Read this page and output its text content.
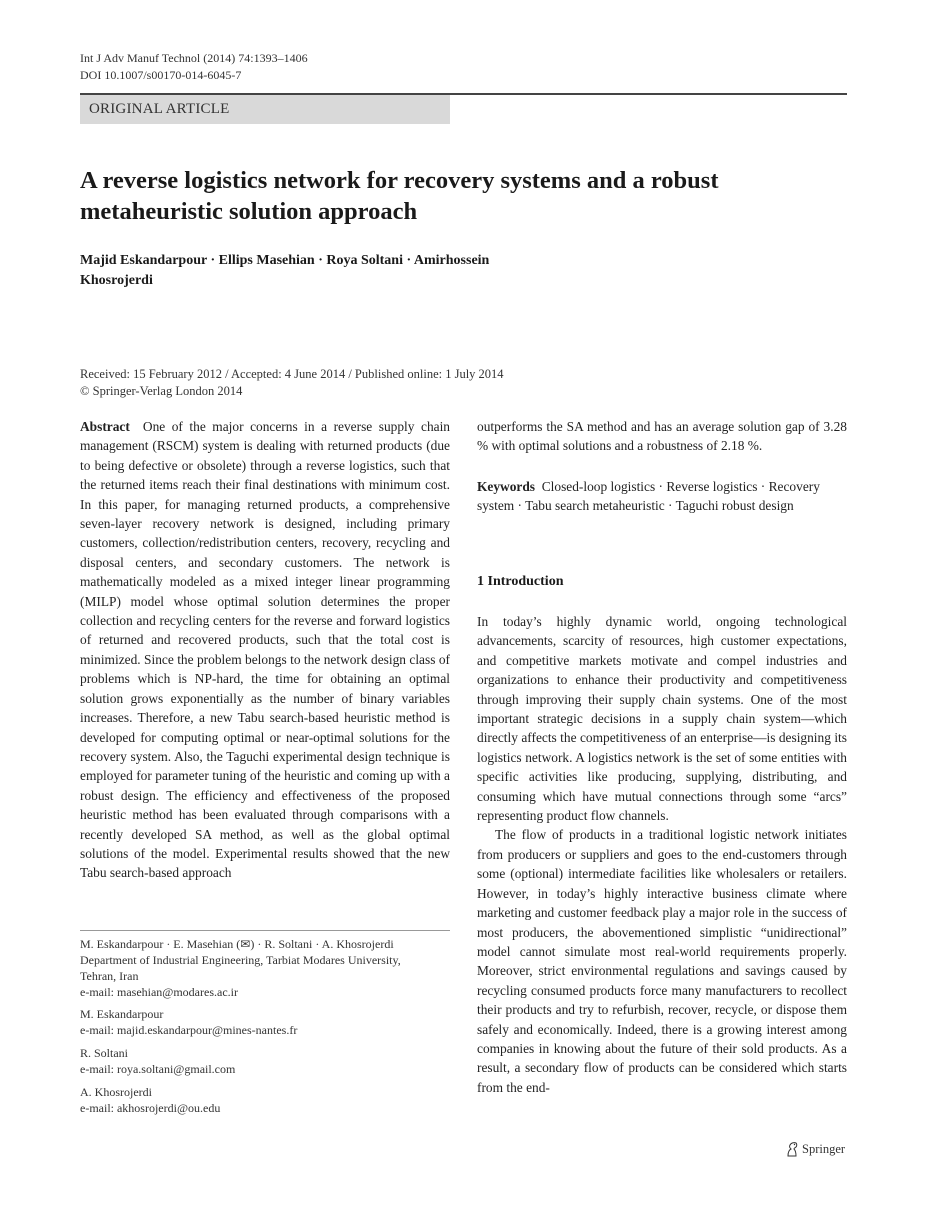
Int J Adv Manuf Technol (2014) 74:1393–1406
DOI 10.1007/s00170-014-6045-7
ORIGINAL ARTICLE
A reverse logistics network for recovery systems and a robust metaheuristic solution approach
Majid Eskandarpour · Ellips Masehian · Roya Soltani · Amirhossein Khosrojerdi
Received: 15 February 2012 / Accepted: 4 June 2014 / Published online: 1 July 2014
© Springer-Verlag London 2014

Abstract One of the major concerns in a reverse supply chain management (RSCM) system is dealing with returned products (due to being defective or obsolete) through a reverse logistics, such that the returned items reach their final destinations with minimum cost. In this paper, for managing returned products, a comprehensive seven-layer recovery network is designed, including primary customers, collection/redistribution centers, recovery, recycling and disposal centers, and secondary customers. The network is mathematically modeled as a mixed integer linear programming (MILP) model whose optimal solution determines the proper collection and recycling centers for the reverse and forward logistics of returned and recovered products, such that the total cost is minimized. Since the problem belongs to the network design class of problems which is NP-hard, the time for obtaining an optimal solution grows exponentially as the number of binary variables increases. Therefore, a new Tabu search-based heuristic method is developed for computing optimal or near-optimal solutions for the recovery system. Also, the Taguchi experimental design technique is employed for parameter tuning of the heuristic and coming up with a robust design. The efficiency and effectiveness of the proposed heuristic method has been evaluated through comparisons with a recently developed SA method, as well as the global optimal solutions of the model. Experimental results showed that the new Tabu search-based approach

M. Eskandarpour · E. Masehian (✉) · R. Soltani · A. Khosrojerdi
Department of Industrial Engineering, Tarbiat Modares University,
Tehran, Iran
e-mail: masehian@modares.ac.ir
M. Eskandarpour
e-mail: majid.eskandarpour@mines-nantes.fr
R. Soltani
e-mail: roya.soltani@gmail.com
A. Khosrojerdi
e-mail: akhosrojerdi@ou.edu
outperforms the SA method and has an average solution gap of 3.28 % with optimal solutions and a robustness of 2.18 %.
Keywords Closed-loop logistics · Reverse logistics · Recovery system · Tabu search metaheuristic · Taguchi robust design
1 Introduction

In today’s highly dynamic world, ongoing technological advancements, scarcity of resources, high customer expectations, and competitive markets motivate and compel industries and organizations to enhance their productivity and competitiveness through improving their supply chain systems. One of the most important strategic decisions in a supply chain system—which directly affects the competitiveness of an enterprise—is designing its logistics network. A logistics network is the set of some entities with specific activities like producing, supplying, distributing, and consuming which have mutual connections through some “arcs” representing product flow channels.

The flow of products in a traditional logistic network initiates from producers or suppliers and goes to the end-customers through some (optional) intermediate facilities like wholesalers or retailers. However, in today’s highly interactive business climate where marketing and customer feedback play a major role in the success of most producers, the abovementioned simplistic “unidirectional” model cannot simulate most real-world requirements properly. Moreover, strict environmental regulations and savings caused by recycling consumed products force many manufacturers to recollect their products and try to refurbish, recover, recycle, or dispose them safely and economically. Indeed, there is a growing interest among companies in knowing about the future of their sold products. As a result, a secondary flow of products can be considered which starts from the end-

Springer
